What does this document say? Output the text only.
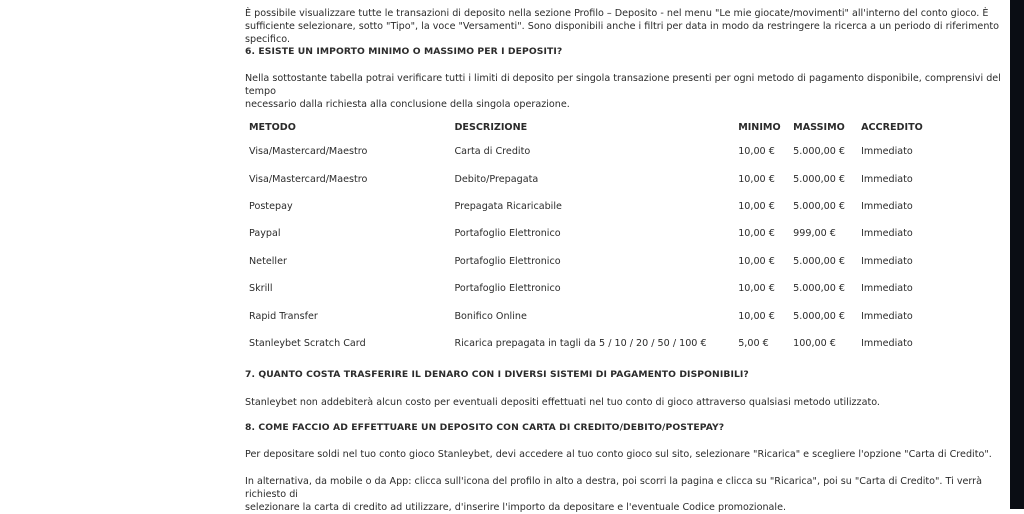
È possibile visualizzare tutte le transazioni di deposito nella sezione Profilo – Deposito - nel menu "Le mie giocate/movimenti" all'interno del conto gioco. È

sufficiente selezionare, sotto "Tipo", la voce "Versamenti". Sono disponibili anche i filtri per data in modo da restringere la ricerca a un periodo di riferimento specifico.

6. ESISTE UN IMPORTO MINIMO O MASSIMO PER I DEPOSITI?

Nella sottostante tabella potrai verificare tutti i limiti di deposito per singola transazione presenti per ogni metodo di pagamento disponibile, comprensivi del tempo

necessario dalla richiesta alla conclusione della singola operazione.

METODO	DESCRIZIONE	MINIMO	MASSIMO	ACCREDITO
Visa/Mastercard/Maestro	Carta di Credito	10,00 €	5.000,00 €	Immediato
Visa/Mastercard/Maestro	Debito/Prepagata	10,00 €	5.000,00 €	Immediato
Postepay	Prepagata Ricaricabile	10,00 €	5.000,00 €	Immediato
Paypal	Portafoglio Elettronico	10,00 €	999,00 €	Immediato
Neteller	Portafoglio Elettronico	10,00 €	5.000,00 €	Immediato
Skrill	Portafoglio Elettronico	10,00 €	5.000,00 €	Immediato
Rapid Transfer	Bonifico Online	10,00 €	5.000,00 €	Immediato
Stanleybet Scratch Card	Ricarica prepagata in tagli da 5 / 10 / 20 / 50 / 100 €	5,00 €	100,00 €	Immediato
7. QUANTO COSTA TRASFERIRE IL DENARO CON I DIVERSI SISTEMI DI PAGAMENTO DISPONIBILI?

Stanleybet non addebiterà alcun costo per eventuali depositi effettuati nel tuo conto di gioco attraverso qualsiasi metodo utilizzato.

8. COME FACCIO AD EFFETTUARE UN DEPOSITO CON CARTA DI CREDITO/DEBITO/POSTEPAY?

Per depositare soldi nel tuo conto gioco Stanleybet, devi accedere al tuo conto gioco sul sito, selezionare "Ricarica" e scegliere l'opzione "Carta di Credito".

In alternativa, da mobile o da App: clicca sull'icona del profilo in alto a destra, poi scorri la pagina e clicca su "Ricarica", poi su "Carta di Credito". Ti verrà richiesto di

selezionare la carta di credito ad utilizzare, d'inserire l'importo da depositare e l'eventuale Codice promozionale.
